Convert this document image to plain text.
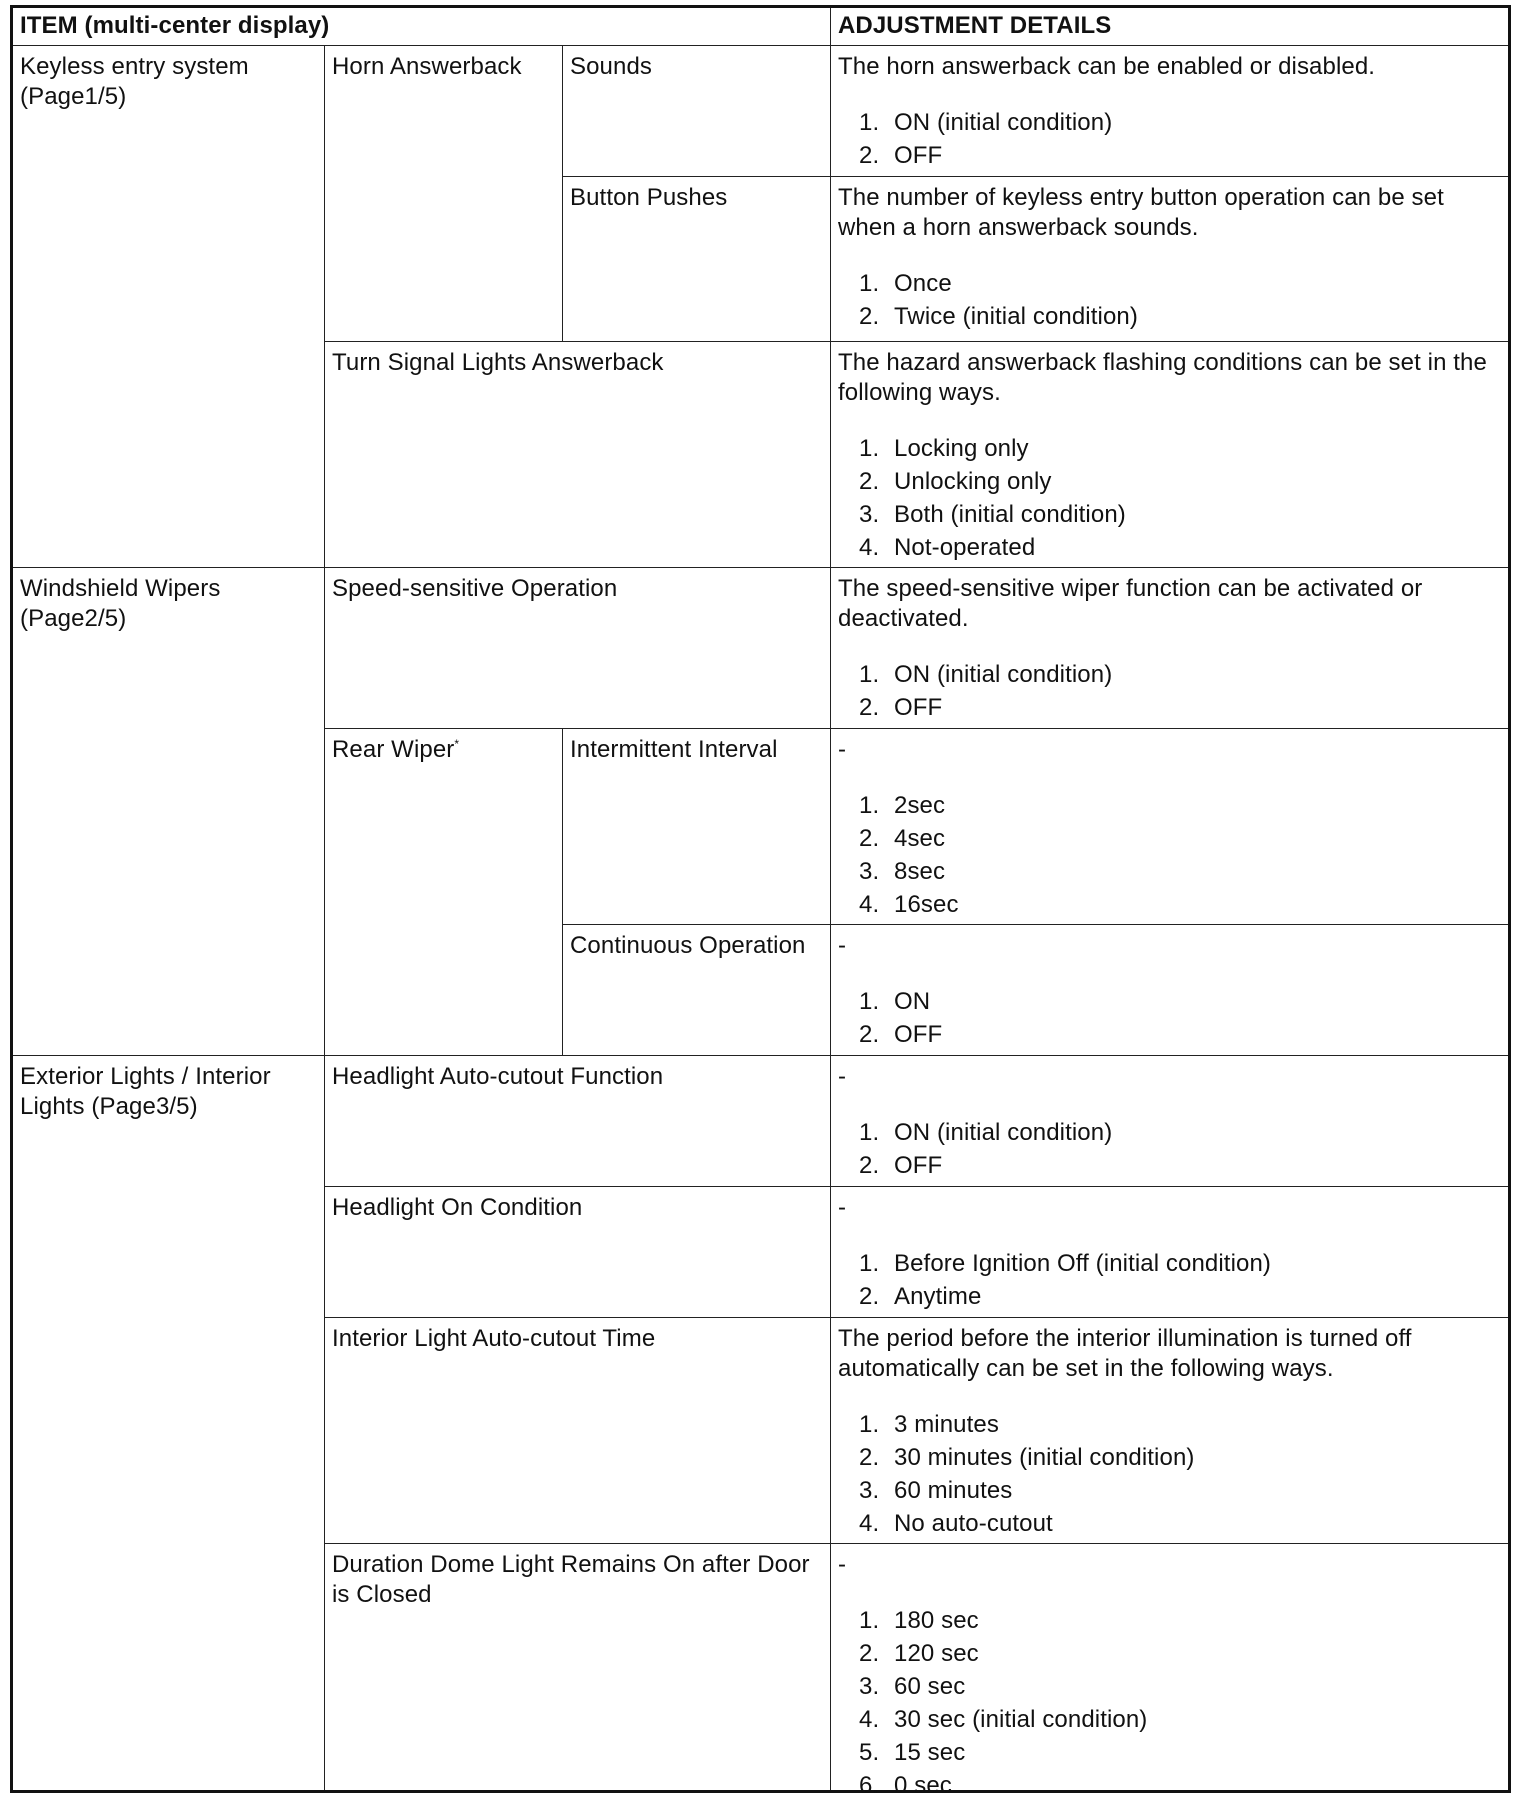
ITEM (multi-center display)	ADJUSTMENT DETAILS
Keyless entry system (Page1/5)
Windshield Wipers (Page2/5)
Exterior Lights / Interior Lights (Page3/5)
Horn Answerback
Turn Signal Lights Answerback
Speed-sensitive Operation
Rear Wiper*
Headlight Auto-cutout Function
Headlight On Condition
Interior Light Auto-cutout Time
Duration Dome Light Remains On after Door is Closed
Sounds
Button Pushes
Intermittent Interval
Continuous Operation
The horn answerback can be enabled or disabled.
1. ON (initial condition)
2. OFF
The number of keyless entry button operation can be set when a horn answerback sounds.
1. Once
2. Twice (initial condition)
The hazard answerback flashing conditions can be set in the following ways.
1. Locking only
2. Unlocking only
3. Both (initial condition)
4. Not-operated
The speed-sensitive wiper function can be activated or deactivated.
1. ON (initial condition)
2. OFF
-
1. 2sec
2. 4sec
3. 8sec
4. 16sec
-
1. ON
2. OFF
-
1. ON (initial condition)
2. OFF
-
1. Before Ignition Off (initial condition)
2. Anytime
The period before the interior illumination is turned off automatically can be set in the following ways.
1. 3 minutes
2. 30 minutes (initial condition)
3. 60 minutes
4. No auto-cutout
-
1. 180 sec
2. 120 sec
3. 60 sec
4. 30 sec (initial condition)
5. 15 sec
6. 0 sec
